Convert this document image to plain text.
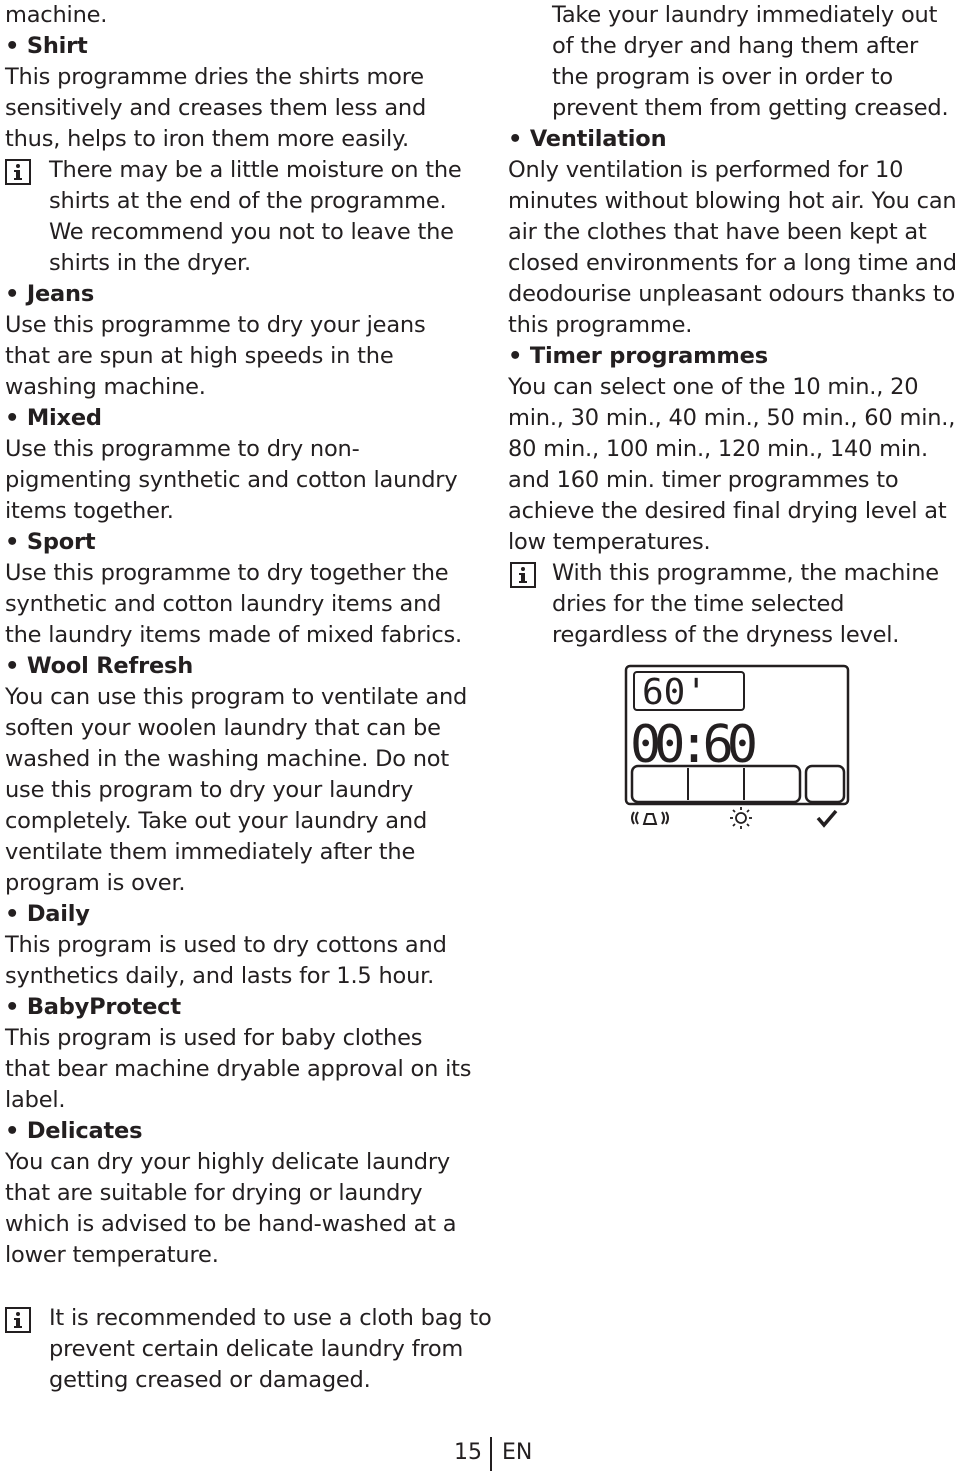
machine.

• Shirt

This programme dries the shirts more sensitively and creases them less and thus, helps to iron them more easily.

There may be a little moisture on the shirts at the end of the programme. We recommend you not to leave the shirts in the dryer.

• Jeans

Use this programme to dry your jeans that are spun at high speeds in the washing machine.

• Mixed

Use this programme to dry non-pigmenting synthetic and cotton laundry items together.

• Sport

Use this programme to dry together the synthetic and cotton laundry items and the laundry items made of mixed fabrics.

• Wool Refresh

You can use this program to ventilate and soften your woolen laundry that can be washed in the washing machine. Do not use this program to dry your laundry completely. Take out your laundry and ventilate them immediately after the program is over.

• Daily

This program is used to dry cottons and synthetics daily, and lasts for 1.5 hour.

• BabyProtect

This program is used for baby clothes that bear machine dryable approval on its label.

• Delicates

You can dry your highly delicate laundry that are suitable for drying or laundry which is advised to be hand-washed at a lower temperature.

It is recommended to use a cloth bag to prevent certain delicate laundry from getting creased or damaged.

Take your laundry immediately out of the dryer and hang them after the program is over in order to prevent them from getting creased.

• Ventilation

Only ventilation is performed for 10 minutes without blowing hot air. You can air the clothes that have been kept at closed environments for a long time and deodourise unpleasant odours thanks to this programme.

• Timer programmes

You can select one of the 10 min., 20 min., 30 min., 40 min., 50 min., 60 min., 80 min., 100 min., 120 min., 140 min. and 160 min. timer programmes to achieve the desired final drying level at low temperatures.

With this programme, the machine dries for the time selected regardless of the dryness level.
60'
00:60
15 EN
